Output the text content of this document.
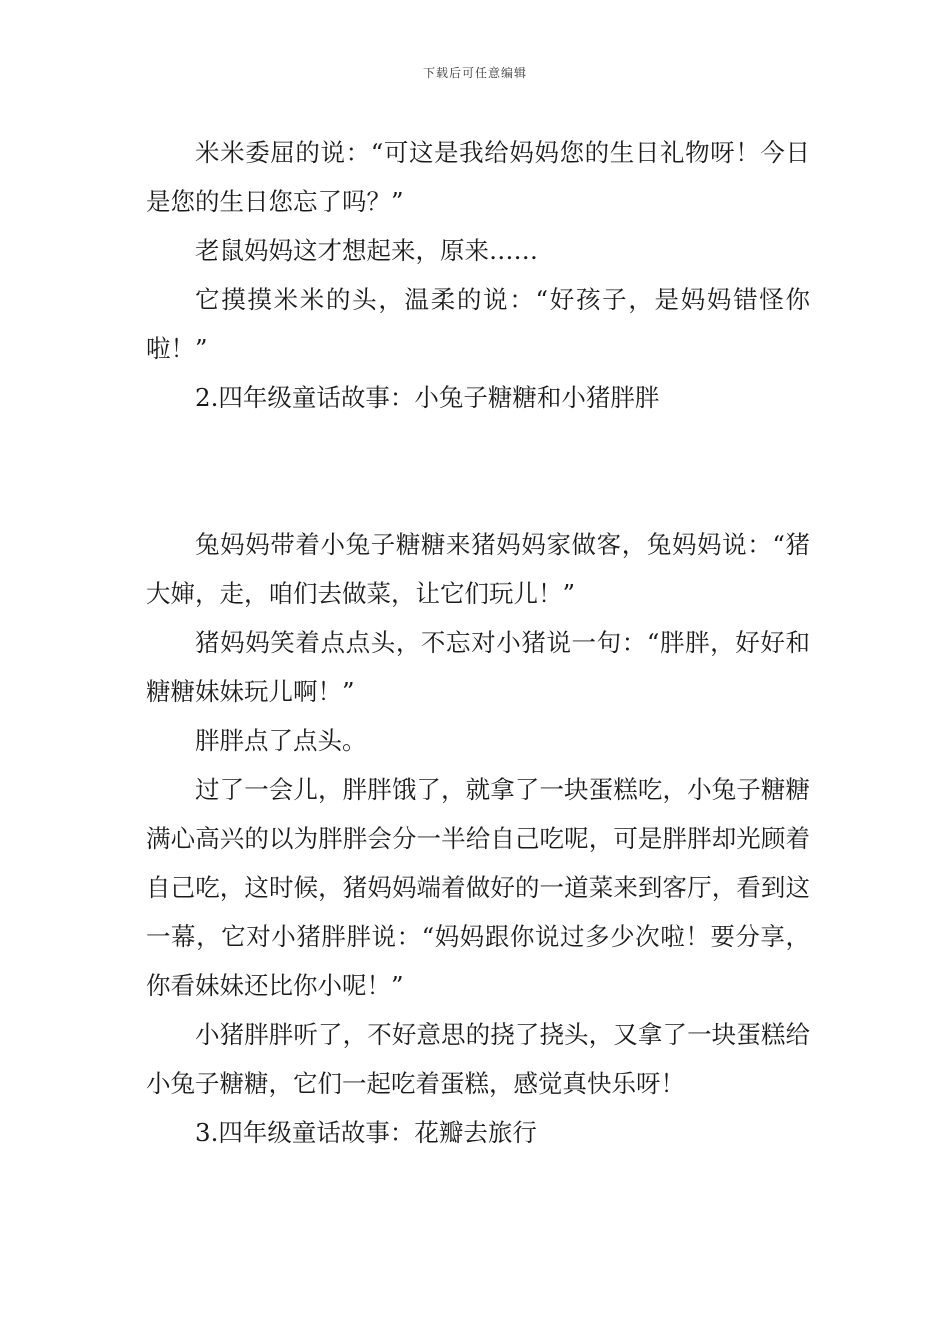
下载后可任意编辑

米米委屈的说：“可这是我给妈妈您的生日礼物呀！今日是您的生日您忘了吗？”

老鼠妈妈这才想起来，原来……

它摸摸米米的头，温柔的说：“好孩子，是妈妈错怪你啦！”

2.四年级童话故事：小兔子糖糖和小猪胖胖

兔妈妈带着小兔子糖糖来猪妈妈家做客，兔妈妈说：“猪大婶，走，咱们去做菜，让它们玩儿！”

猪妈妈笑着点点头，不忘对小猪说一句：“胖胖，好好和糖糖妹妹玩儿啊！”

胖胖点了点头。

过了一会儿，胖胖饿了，就拿了一块蛋糕吃，小兔子糖糖满心高兴的以为胖胖会分一半给自己吃呢，可是胖胖却光顾着自己吃，这时候，猪妈妈端着做好的一道菜来到客厅，看到这一幕，它对小猪胖胖说：“妈妈跟你说过多少次啦！要分享，你看妹妹还比你小呢！”

小猪胖胖听了，不好意思的挠了挠头，又拿了一块蛋糕给小兔子糖糖，它们一起吃着蛋糕，感觉真快乐呀！

3.四年级童话故事：花瓣去旅行
